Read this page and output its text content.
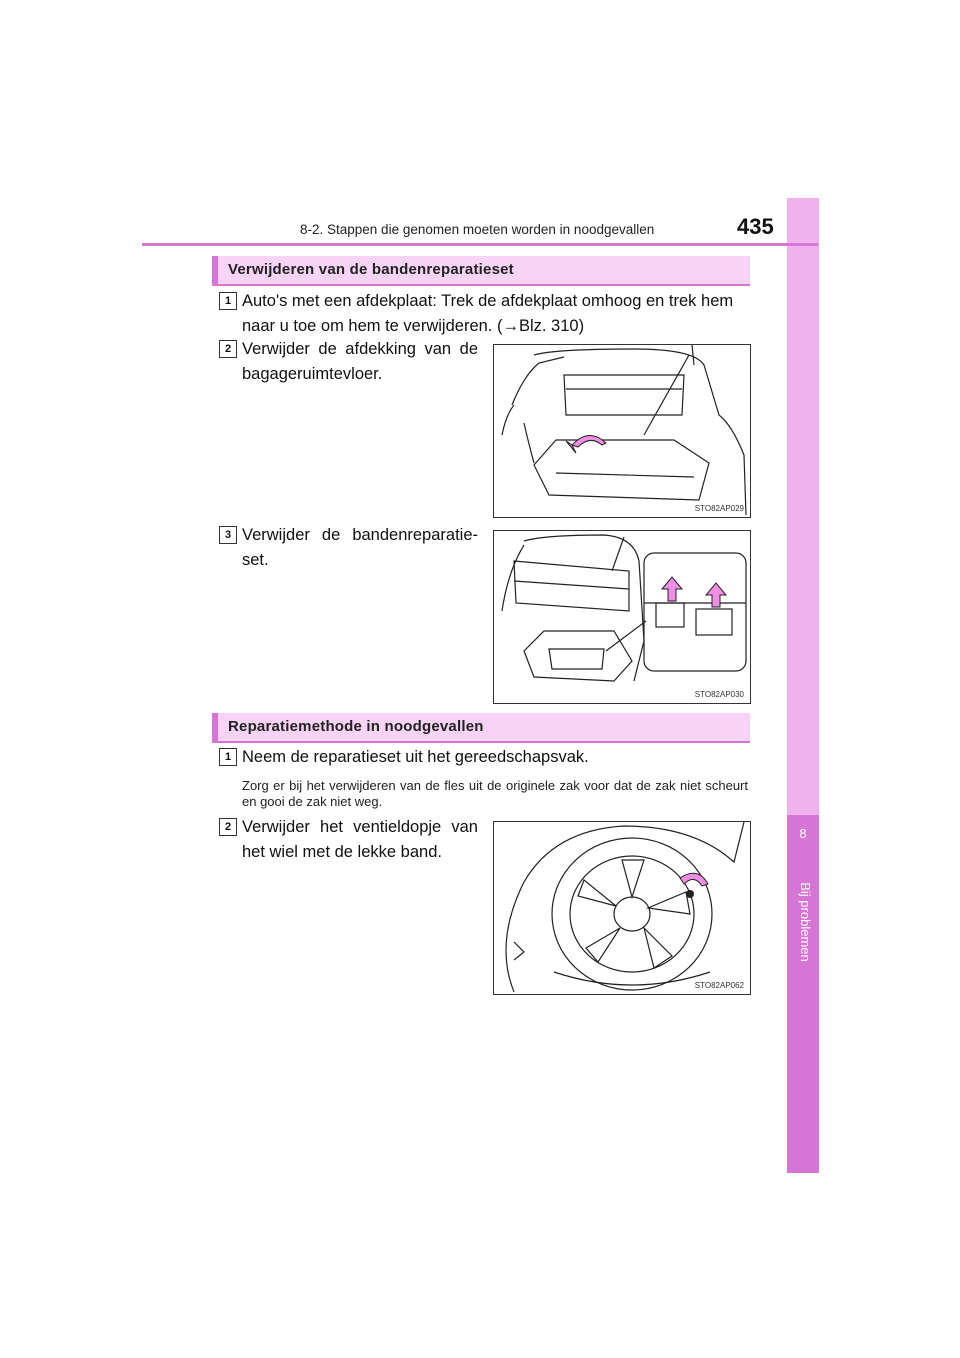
8
Bij problemen
8-2. Stappen die genomen moeten worden in noodgevallen	435
Verwijderen van de bandenreparatieset
1 Auto's met een afdekplaat: Trek de afdekplaat omhoog en trek hem naar u toe om hem te verwijderen. (→Blz. 310)
2 Verwijder de afdekking van de bagageruimtevloer.
STO82AP029
3 Verwijder de bandenreparatie-set.
STO82AP030
Reparatiemethode in noodgevallen
1 Neem de reparatieset uit het gereedschapsvak.
Zorg er bij het verwijderen van de fles uit de originele zak voor dat de zak niet scheurt en gooi de zak niet weg.
2 Verwijder het ventieldopje van het wiel met de lekke band.
STO82AP062
